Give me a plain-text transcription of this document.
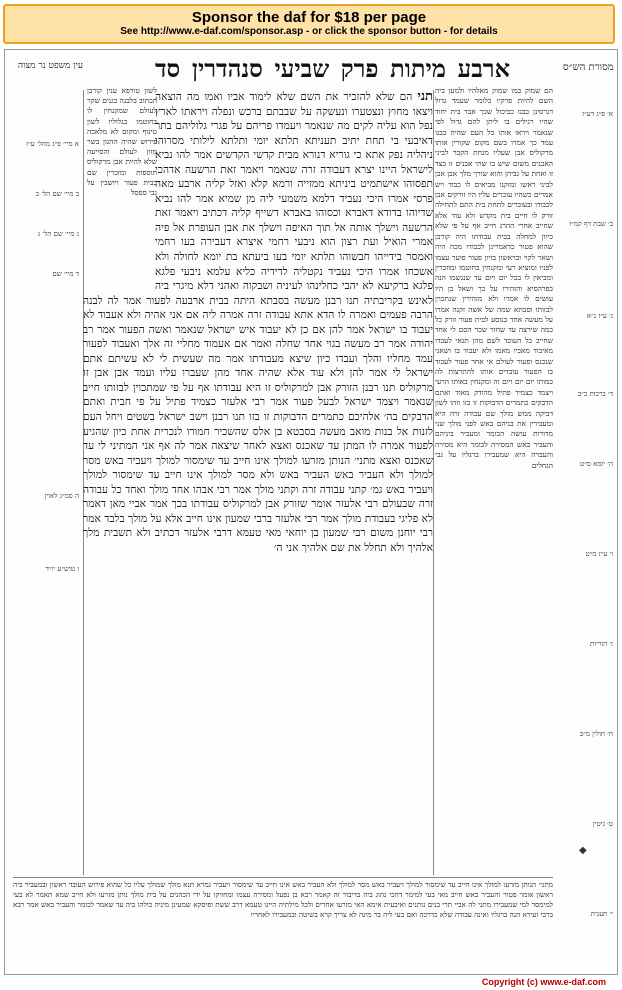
Sponsor the daf for $18 per page
See http://www.e-daf.com/sponsor.asp - or click the sponsor button - for details
ארבע
מיתות
פרק
שביעי
סנהדרין
סד	מסורת הש״ס
עין משפט נר מצוה
הם שמוק כמו שמוק מאלהיו ולמען ביה השם להיות פרקיו כלומר שעמד גדול דגרסינן כבנו כביכול שכך אבד בית יחוד שהיו רגילים בו ליתן להם גדול לפי שנאמר ויראו אותו כל העם שהיה כבנו עמד כך אמרו בשם מקום שקורין אותו מרקוליס אבן שעליו מנחת הקבר לביני האבנים משום שיש בו שתי אבנים זו בצד זו ואחת על גביהן והוא שורך מלך אבן אבן לביני ראשו ומזקנו מביאים לו כבוד ויש אמרים כשהיו עוברים עליו היו זורקים אבן לכבודו ובעוברים לתחת בית התם לתחילה זורק לו חיים בית מקדש ולא עוד אלא שחייב אחרי ההרג חייב אף על פי שלא כיוון למחלה בבית עבודתו היה קורבן שהוא פטור כדאמרינן לכבודו מכה היה ושאר לקוי ובראשון בזיון פעור פוער עצמו לפניו ומוציא רעי ומקנחין בחוטמו ומוזכרין ומביאין לו בכל יום ויום עד שנגשמו הנה בפרהסיא והזהירו על כך ושאל כן היו עושים לו אמרו ולא מזהירין שנתכוין לבזותו וסבתא שמה של אשה זקנה אמרו על מעשה אחד בנוסע לבית פעור זורק כל כמה שירצה עד שחזר שכר הסם לי אחד שחייב כל העובד לשם מהן תנאי לעבדו מאיבוד מאביו מאמו ולא יעבוד בו ושאני שנכנס ופעור לעולם אי אחר פעור לעבוד בו הפעור עובדים אותו להתרצות לה כמותו יום יום ויום זה ומקנחין באותו הרעי ויצמד כצמיד פתיל מהודק מאוד ואתם הדבקים כתמרים הדבוקות זו בזו וזהו לשון דביקה ממש מולך שם עבודה זרה היא ומעבירין את בניהם באש לפני מולך שני מדורות עושה הכומר ומעביר ביניהם והעביר באש המסירה לכומר היא מסירה והעברה היא שמעבירו ברגליו על גבי הגחלים
תני הם שלא להזכיר את השם שלא לימוד אביו ואמו מה הוצאה ויצאו מחוץ ונצטערו ונעשקה על שבבתם ברכש ונפלה ויראתו לארץ נפל הוא עליה לקים מה שנאמר ויעמדו פריהם על פגרי גלוליהם בתר דאיבעי בי תחת יתיב תעניתא תלתא יומי ותלתא לילותי מסרוהו ניהליה נפק אתא כי גוריא דנורא מבית קדשי הקדשים אמר להו נביא לישראל היינו יצרא דעבודה זרה שנאמר ויאמר זאת הרשעה אדהכי תפסוהו אישתמיט ביניתא ממזייה ורמא קלא ואזל קליה ארבע מאה פרסי אמרו היכי נעביד דלמא משמעי ליה מן שמיא אמר להו נביא שדיוהו בדודא דאברא וכסוהו באברא דשייף קליה דכתיב ויאמר זאת הרשעה וישלך אותה אל תוך האיפה וישלך את אבן העופרת אל פיה אמרי הואיל ועת רצון הוא ניבעי רחמי איצרא דעבירה בעו רחמי ואמסר בידייהו חבשוהו תלתא יומי בעו ביעתא בת יומא לחולה ולא אשכחו אמרו היכי נעביד נקטליה לדידיה כליא עלמא ניבעי פלגא פלגא ברקיעא לא יהבי כחלינהו לעיניה ושבקוה ואהני דלא מיגרי ביה לאינש בקריבתיה תנו רבנן מעשה בסבתא היתה בבית ארבעה לפעור אמר לה לבנה הרבה פעמים ואמרה לו הדא אתא עבודה זרה אמרה ליה אם אני אהיה ולא אעבוד לא יעבוד בו ישראל אמר להן אם כן לא יעבוד איש ישראל שנאמר ואשה הפעור אמר רב יהודה אמר רב מעשה בגוי אחד שחלה ואמר אם אעמוד מחליי זה אלך ואעבוד לפעור עמד מחליו והלך ועבדו כיון שיצא מעבודתו אמר מה שעשית לי לא עשיתם אתם ישראל לי אמר להן ולא עוד אלא שהיה אחד מהן שעברו עליו ועמד אבן אבן זו מרקוליס תנו רבנן הזורק אבן למרקוליס זו היא עבודתו אף על פי שמתכוין לבזותו חייב שנאמר ויצמד ישראל לבעל פעור אמר רבי אלעזר כצמיד פתיל על פי חבית ואתם הדבקים בה׳ אלהיכם כתמרים הדבוקות זו בזו תנו רבנן וישב ישראל בשטים ויחל העם לזנות אל בנות מואב מעשה בסבטא בן אלס שהשכיר חמורו לנכרית אחת כיון שהגיע לפעור אמרה לו המתן עד שאכנס ואצא לאחר שיצאה אמר לה אף אני המתיני לי עד שאכנס ואצא מתני׳ הנותן מזרעו למולך אינו חייב עד שימסור למולך ויעביר באש מסר למולך ולא העביר באש העביר באש ולא מסר למולך אינו חייב עד שימסור למולך ויעביר באש גמ׳ קתני עבודה זרה וקתני מולך אמר רבי אבהו אחד מולך ואחד כל עבודה זרה שבעולם רבי אלעזר אומר שזורק אבן למרקוליס עבודתו בכך אמר אביי מאן דאמר לא פליגי בעבודת מולך אמר רבי אלעזר ברבי שמעון אינו חייב אלא על מולך בלבד אמר רבי יוחנן משום רבי שמעון בן יוחאי מאי טעמא דרבי אלעזר דכתיב ולא תשבית מלך אלהיך ולא תחלל את שם אלהיך אני ה׳
לשון טורפא ענין קורבן הכתוב בלבנה בגנים שקר לעולם שמקנחין לו בחוטמו בגלוליו לשון טינוף ומקום לא מלאכה פירוש שהיה ההגון בשר מזון לעולם והסייעה שלא להיות אבן מרקוליס תוספות ומזכרין שם בבית פעור ויושבין על גבי ספסל
מתני׳ הנותן מזרעו למולך אינו חייב עד שימסור למולך ויעביר באש מסר למולך ולא העביר באש אינו חייב עד שימסור ויעביר גמרא תנא מולך שמולך עליו כל שהוא פירוש העובד ראשון ובמעביר ביה ראשון אומר פטור והעביר באש חייב מאי בעי למימר דהכי נהוג ביה בדיבור זה קאמר רבא בן נפעל ומסירה עצמו ומחזיקו על ידי הכהנים על בית מולך נותן מזרעו ולא חייב שמא תאמר לא בעי למימסר למי שמעבירו מתני לה אביי תרי בנים נותנים ואיבעית אימא האי מזרעו אחרים ולכל מילתיה היינו טעמא דרב ששת ופיסקא שמעינן מיניה כולהו ביה עד שאמר לכומר והעביר באש אמר רבא ברבי זעירא הנה ברגליו ואינה עבודה שלא כדרכה ואם בעי ליה בר מינה לא צריך קרא בשיטה ובמעבירו לאחריו
א׳ פ״ג דע״ז
ב׳ שבת דף קמ״ו
ג׳ ע״ז נ״א
ד׳ ברכות כ״ב
ה׳ יומא ס״ט
ו׳ ע״ז מ״ט
ז׳ הוריות
ח׳ חולין מ״ב
ט׳ גיטין
י׳ תענית
◆
א מיי׳ פ״ג מהל׳ ע״ז
ב מיי׳ שם הל׳ ב
ג מיי׳ שם הל׳ ג
ד מיי׳ שם
ה סמ״ג לאוין
ו טוש״ע יו״ד
Copyright (c) www.e-daf.com
